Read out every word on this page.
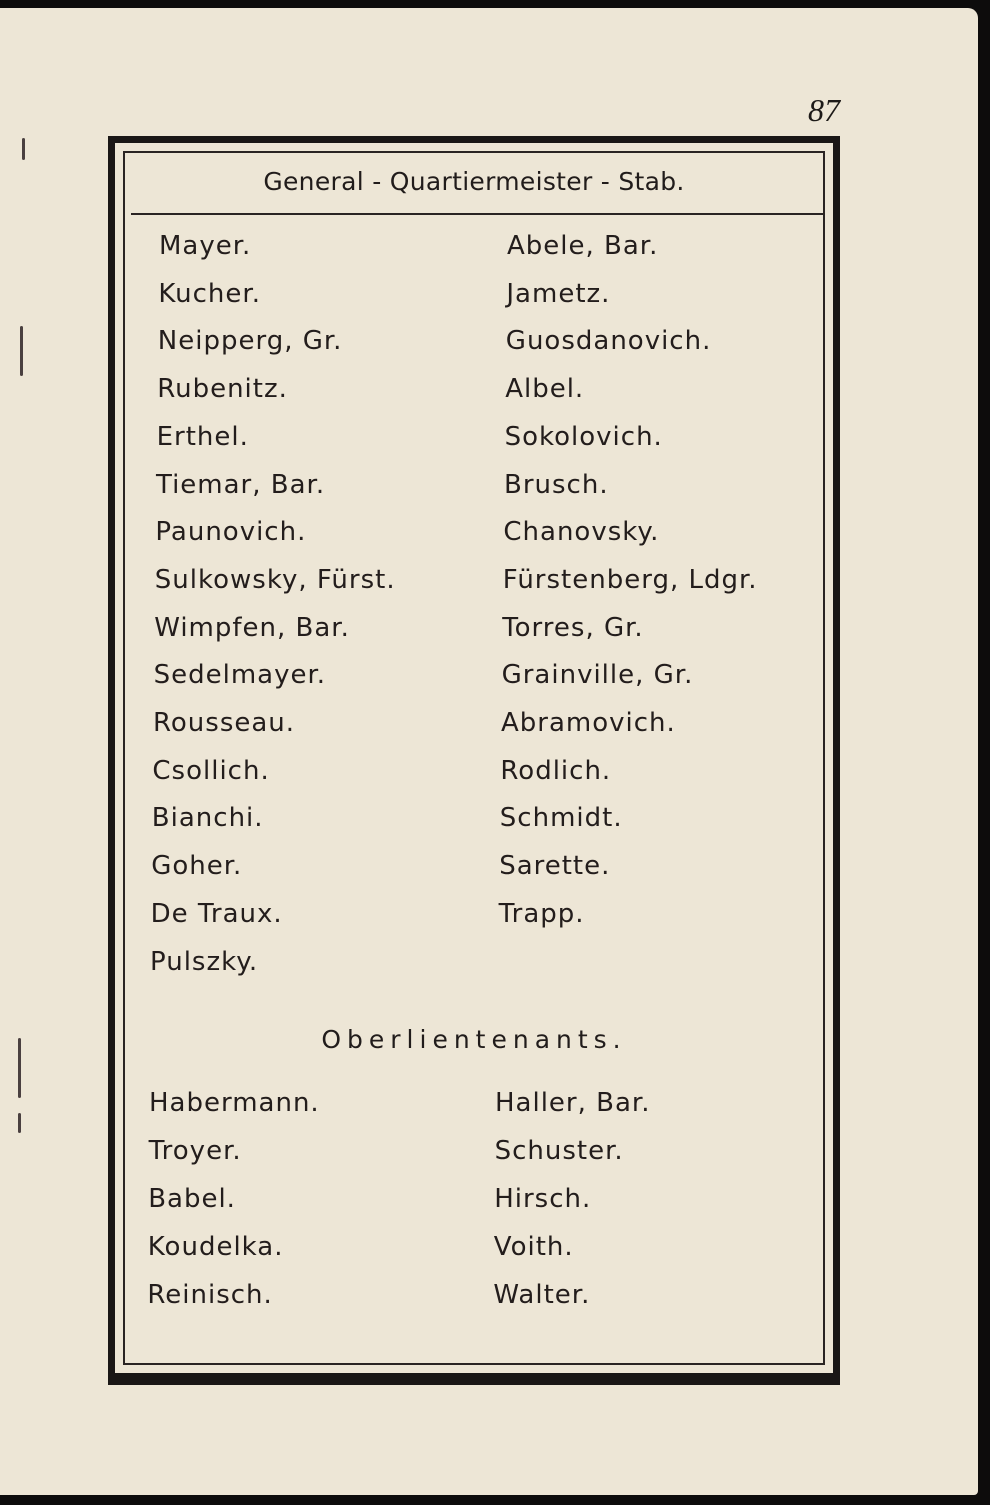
87
General - Quartiermeister - Stab.
Mayer.
Kucher.
Neipperg, Gr.
Rubenitz.
Erthel.
Tiemar, Bar.
Paunovich.
Sulkowsky, Fürst.
Wimpfen, Bar.
Sedelmayer.
Rousseau.
Csollich.
Bianchi.
Goher.
De Traux.
Pulszky.
Abele, Bar.
Jametz.
Guosdanovich.
Albel.
Sokolovich.
Brusch.
Chanovsky.
Fürstenberg, Ldgr.
Torres, Gr.
Grainville, Gr.
Abramovich.
Rodlich.
Schmidt.
Sarette.
Trapp.
Oberlientenants.
Habermann.
Troyer.
Babel.
Koudelka.
Reinisch.
Haller, Bar.
Schuster.
Hirsch.
Voith.
Walter.
